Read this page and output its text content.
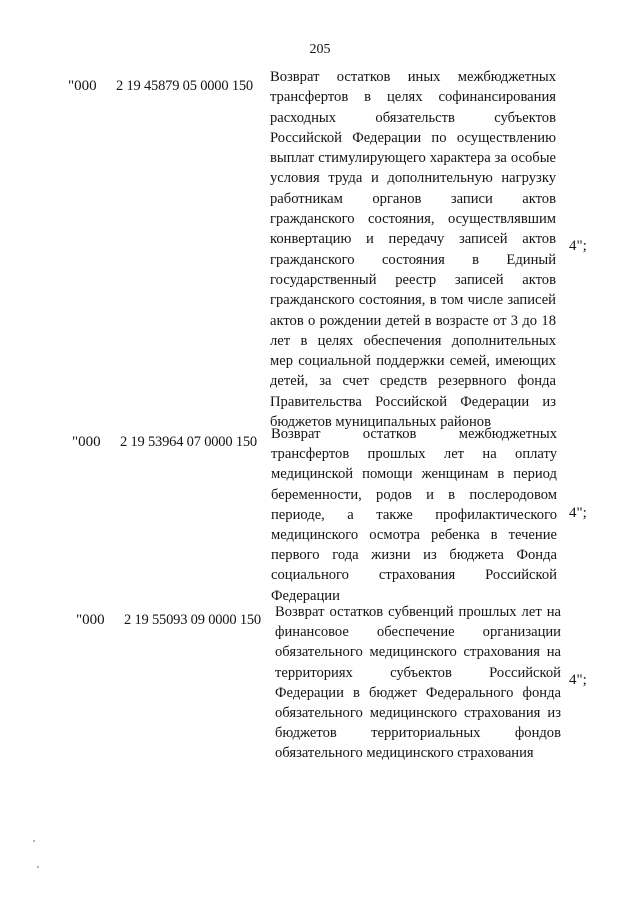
205
"000 2 19 45879 05 0000 150
Возврат остатков иных межбюджетных трансфертов в целях софинансирования расходных обязательств субъектов Российской Федерации по осуществлению выплат стимулирующего характера за особые условия труда и дополнительную нагрузку работникам органов записи актов гражданского состояния, осуществлявшим конвертацию и передачу записей актов гражданского состояния в Единый государственный реестр записей актов гражданского состояния, в том числе записей актов о рождении детей в возрасте от 3 до 18 лет в целях обеспечения дополнительных мер социальной поддержки семей, имеющих детей, за счет средств резервного фонда Правительства Российской Федерации из бюджетов муниципальных районов
4";
"000 2 19 53964 07 0000 150 Возврат остатков межбюджетных трансфертов прошлых лет на оплату медицинской помощи женщинам в период беременности, родов и в послеродовом периоде, а также профилактического медицинского осмотра ребенка в течение первого года жизни из бюджета Фонда социального страхования Российской Федерации
4";
"000 2 19 55093 09 0000 150 Возврат остатков субвенций прошлых лет на финансовое обеспечение организации обязательного медицинского страхования на территориях субъектов Российской Федерации в бюджет Федерального фонда обязательного медицинского страхования из бюджетов территориальных фондов обязательного медицинского страхования
4";
